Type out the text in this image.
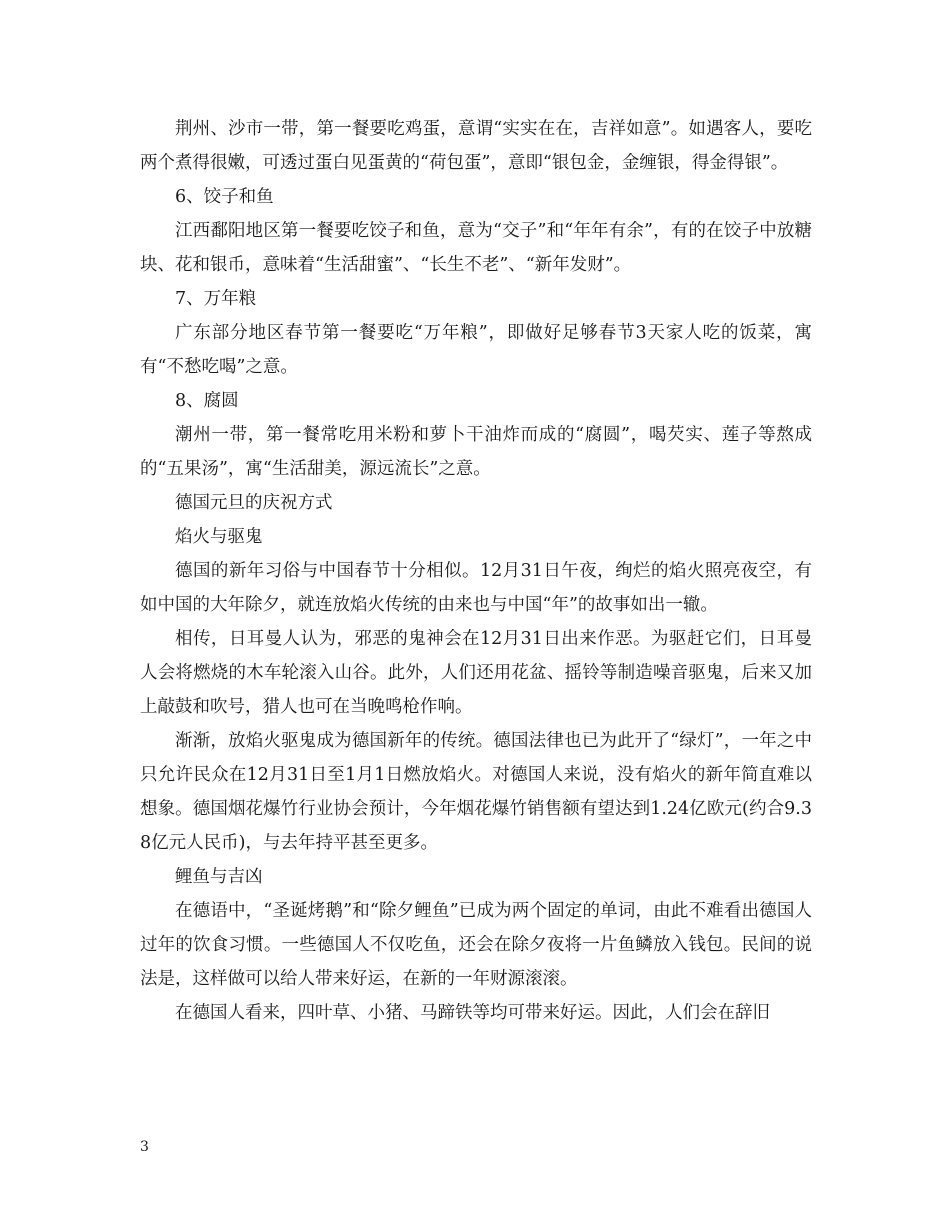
荆州、沙市一带，第一餐要吃鸡蛋，意谓“实实在在，吉祥如意”。如遇客人，要吃两个煮得很嫩，可透过蛋白见蛋黄的“荷包蛋”，意即“银包金，金缠银，得金得银”。

6、饺子和鱼

江西鄱阳地区第一餐要吃饺子和鱼，意为“交子”和“年年有余”，有的在饺子中放糖块、花和银币，意味着“生活甜蜜”、“长生不老”、“新年发财”。

7、万年粮

广东部分地区春节第一餐要吃“万年粮”，即做好足够春节3天家人吃的饭菜，寓有“不愁吃喝”之意。

8、腐圆

潮州一带，第一餐常吃用米粉和萝卜干油炸而成的“腐圆”，喝芡实、莲子等熬成的“五果汤”，寓“生活甜美，源远流长”之意。

德国元旦的庆祝方式

焰火与驱鬼

德国的新年习俗与中国春节十分相似。12月31日午夜，绚烂的焰火照亮夜空，有如中国的大年除夕，就连放焰火传统的由来也与中国“年”的故事如出一辙。

相传，日耳曼人认为，邪恶的鬼神会在12月31日出来作恶。为驱赶它们，日耳曼人会将燃烧的木车轮滚入山谷。此外，人们还用花盆、摇铃等制造噪音驱鬼，后来又加上敲鼓和吹号，猎人也可在当晚鸣枪作响。

渐渐，放焰火驱鬼成为德国新年的传统。德国法律也已为此开了“绿灯”，一年之中只允许民众在12月31日至1月1日燃放焰火。对德国人来说，没有焰火的新年简直难以想象。德国烟花爆竹行业协会预计，今年烟花爆竹销售额有望达到1.24亿欧元(约合9.38亿元人民币)，与去年持平甚至更多。

鲤鱼与吉凶

在德语中，“圣诞烤鹅”和“除夕鲤鱼”已成为两个固定的单词，由此不难看出德国人过年的饮食习惯。一些德国人不仅吃鱼，还会在除夕夜将一片鱼鳞放入钱包。民间的说法是，这样做可以给人带来好运，在新的一年财源滚滚。

在德国人看来，四叶草、小猪、马蹄铁等均可带来好运。因此，人们会在辞旧

3
